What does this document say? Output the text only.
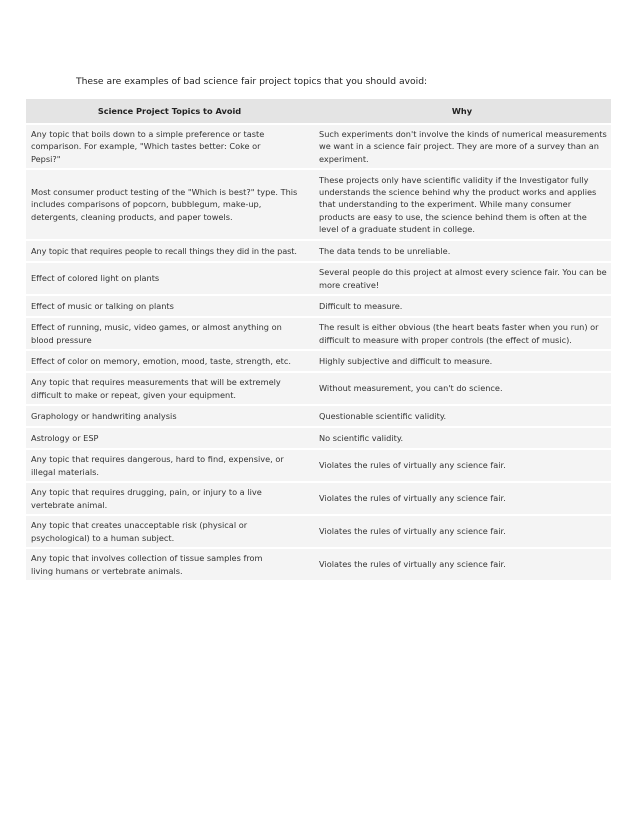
These are examples of bad science fair project topics that you should avoid:

Science Project Topics to Avoid	Why
Any topic that boils down to a simple preference or taste comparison. For example, "Which tastes better: Coke or Pepsi?"	Such experiments don't involve the kinds of numerical measurements we want in a science fair project. They are more of a survey than an experiment.
Most consumer product testing of the "Which is best?" type. This includes comparisons of popcorn, bubblegum, make-up, detergents, cleaning products, and paper towels.	These projects only have scientific validity if the Investigator fully understands the science behind why the product works and applies that understanding to the experiment. While many consumer products are easy to use, the science behind them is often at the level of a graduate student in college.
Any topic that requires people to recall things they did in the past.	The data tends to be unreliable.
Effect of colored light on plants	Several people do this project at almost every science fair. You can be more creative!
Effect of music or talking on plants	Difficult to measure.
Effect of running, music, video games, or almost anything on blood pressure	The result is either obvious (the heart beats faster when you run) or difficult to measure with proper controls (the effect of music).
Effect of color on memory, emotion, mood, taste, strength, etc.	Highly subjective and difficult to measure.
Any topic that requires measurements that will be extremely difficult to make or repeat, given your equipment.	Without measurement, you can't do science.
Graphology or handwriting analysis	Questionable scientific validity.
Astrology or ESP	No scientific validity.
Any topic that requires dangerous, hard to find, expensive, or illegal materials.	Violates the rules of virtually any science fair.
Any topic that requires drugging, pain, or injury to a live vertebrate animal.	Violates the rules of virtually any science fair.
Any topic that creates unacceptable risk (physical or psychological) to a human subject.	Violates the rules of virtually any science fair.
Any topic that involves collection of tissue samples from living humans or vertebrate animals.	Violates the rules of virtually any science fair.
